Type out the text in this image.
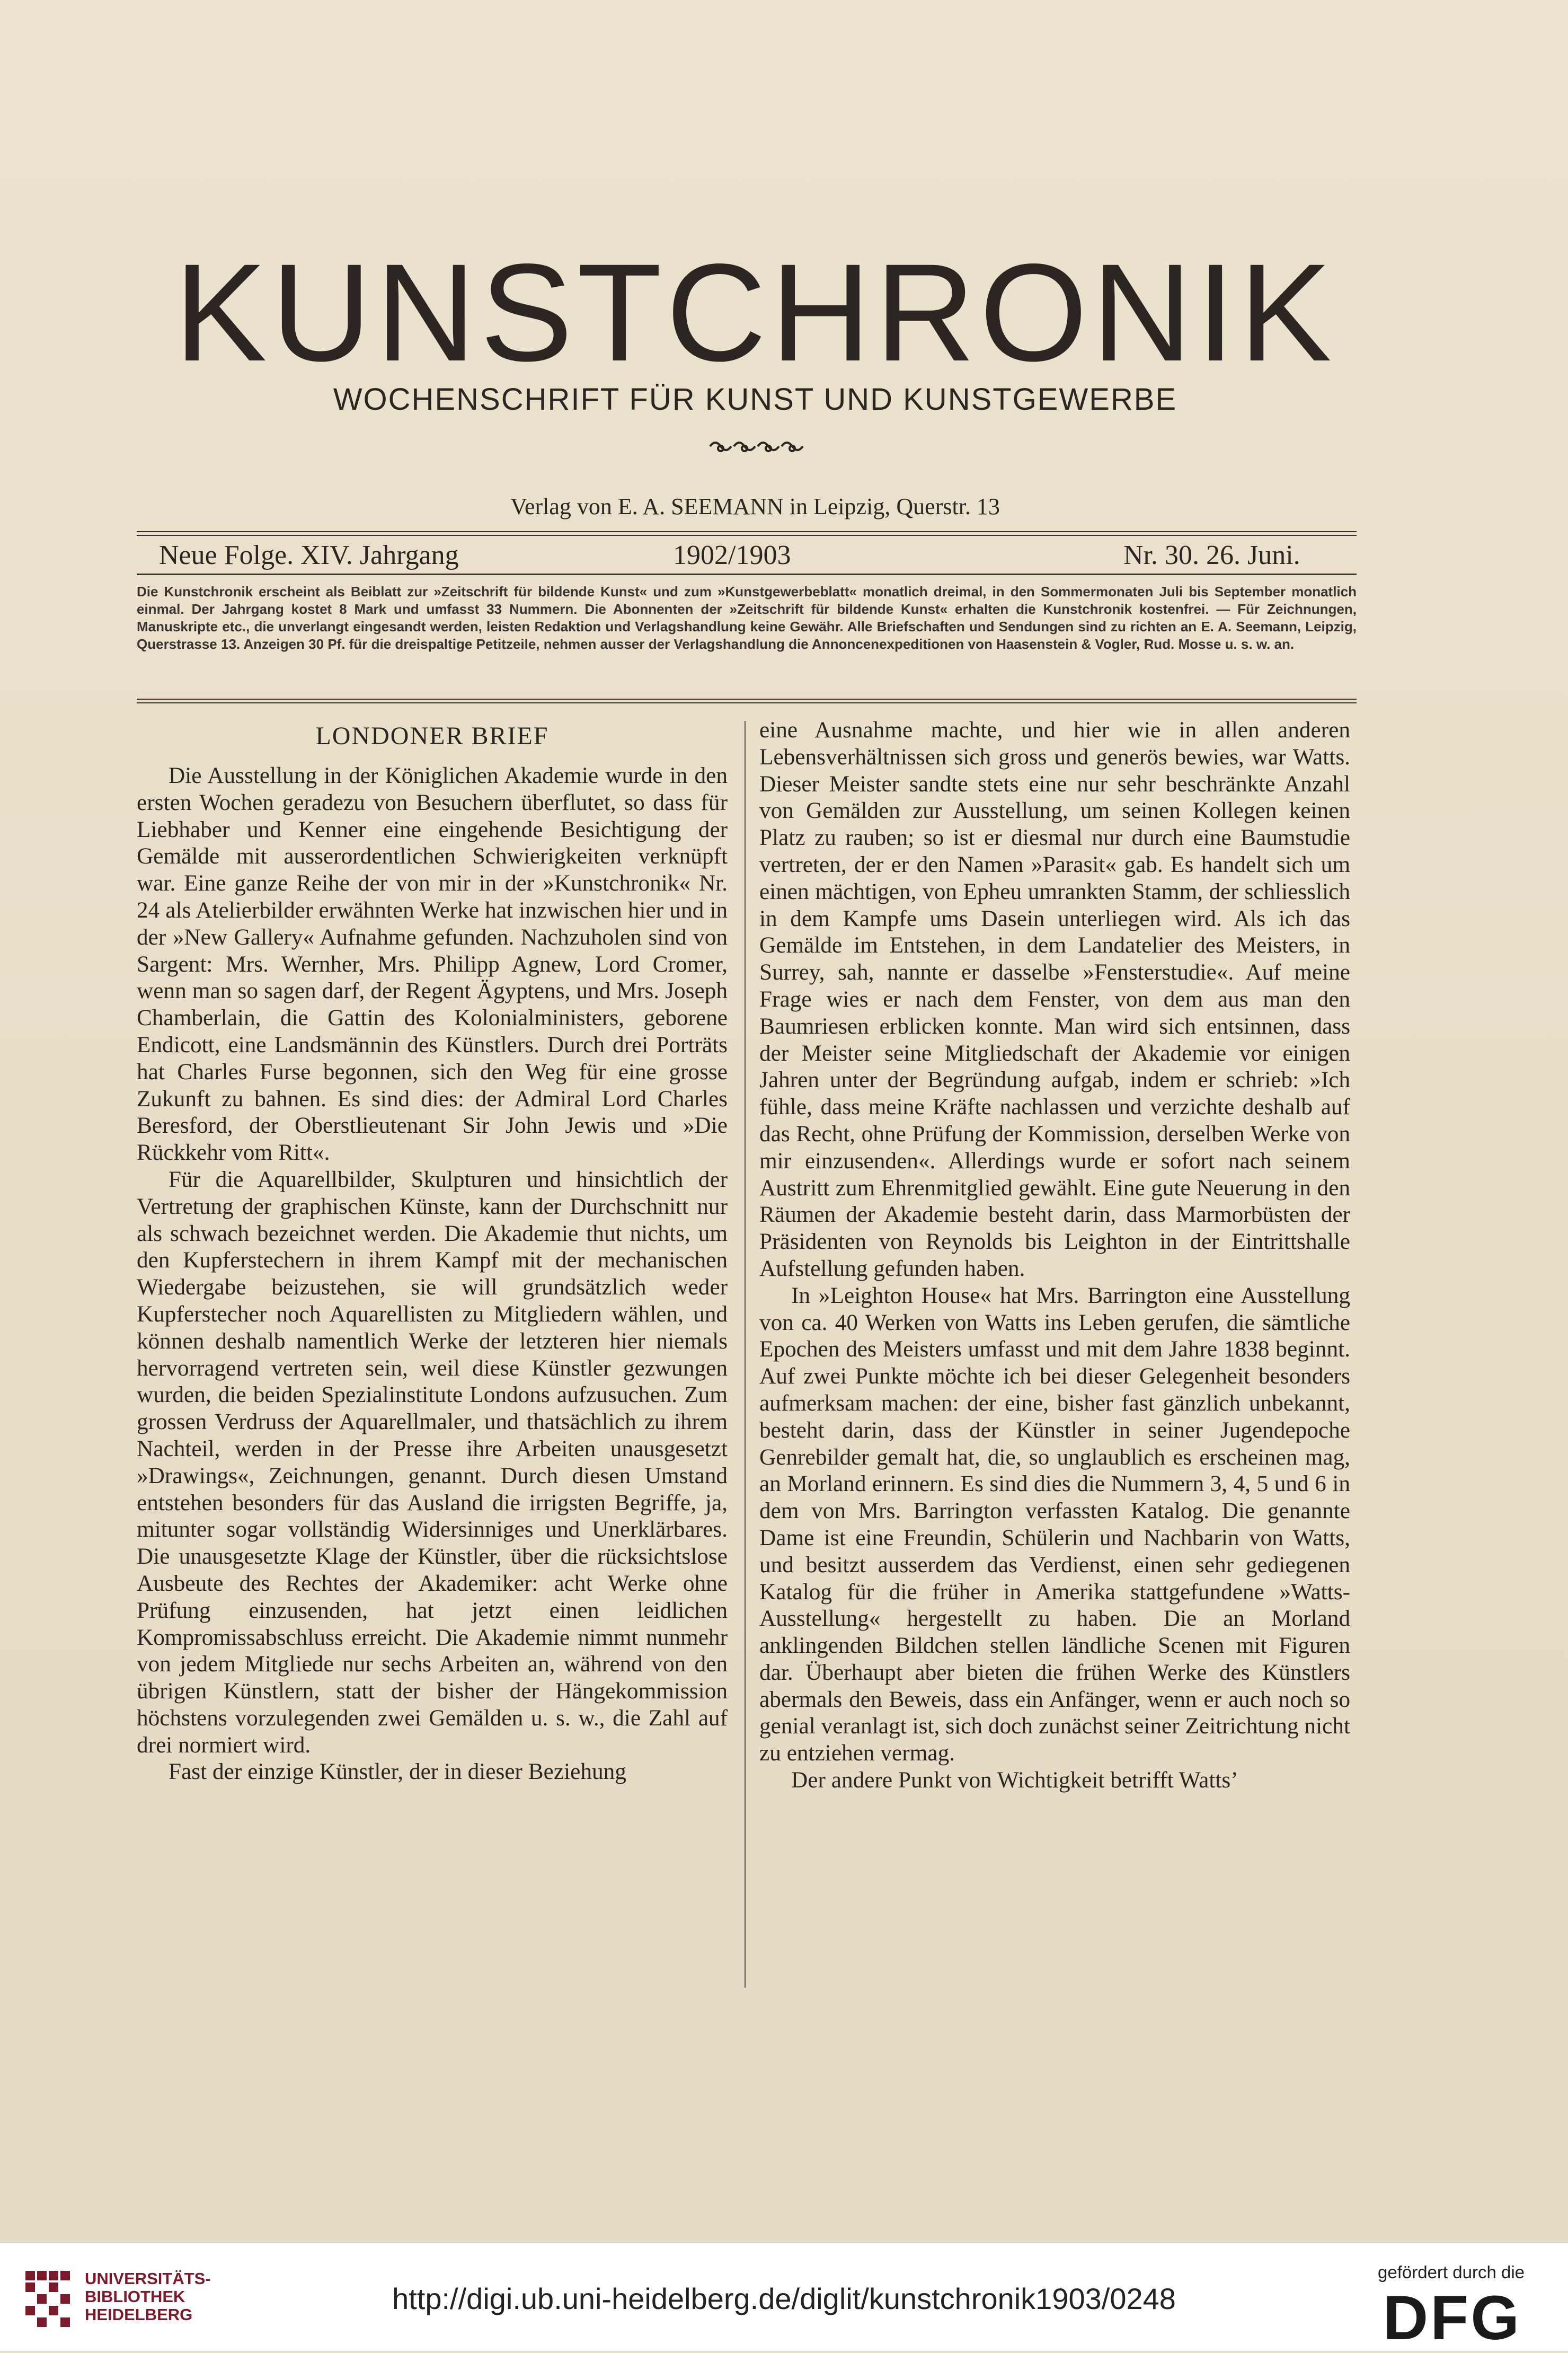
KUNSTCHRONIK
WOCHENSCHRIFT FÜR KUNST UND KUNSTGEWERBE
Verlag von E. A. SEEMANN in Leipzig, Querstr. 13
Neue Folge. XIV. Jahrgang	1902/1903	Nr. 30. 26. Juni.
Die Kunstchronik erscheint als Beiblatt zur »Zeitschrift für bildende Kunst« und zum »Kunstgewerbeblatt« monatlich dreimal, in den Sommermonaten Juli bis September monatlich einmal. Der Jahrgang kostet 8 Mark und umfasst 33 Nummern. Die Abonnenten der »Zeitschrift für bildende Kunst« erhalten die Kunstchronik kostenfrei. — Für Zeichnungen, Manuskripte etc., die unverlangt eingesandt werden, leisten Redaktion und Verlagshandlung keine Gewähr. Alle Briefschaften und Sendungen sind zu richten an E. A. Seemann, Leipzig, Querstrasse 13. Anzeigen 30 Pf. für die dreispaltige Petitzeile, nehmen ausser der Verlagshandlung die Annoncenexpeditionen von Haasenstein & Vogler, Rud. Mosse u. s. w. an.
LONDONER BRIEF

Die Ausstellung in der Königlichen Akademie wurde in den ersten Wochen geradezu von Besuchern überflutet, so dass für Liebhaber und Kenner eine eingehende Besichtigung der Gemälde mit ausserordentlichen Schwierigkeiten verknüpft war. Eine ganze Reihe der von mir in der »Kunstchronik« Nr. 24 als Atelierbilder erwähnten Werke hat inzwischen hier und in der »New Gallery« Aufnahme gefunden. Nachzuholen sind von Sargent: Mrs. Wernher, Mrs. Philipp Agnew, Lord Cromer, wenn man so sagen darf, der Regent Ägyptens, und Mrs. Joseph Chamberlain, die Gattin des Kolonialministers, geborene Endicott, eine Landsmännin des Künstlers. Durch drei Porträts hat Charles Furse begonnen, sich den Weg für eine grosse Zukunft zu bahnen. Es sind dies: der Admiral Lord Charles Beresford, der Oberstlieutenant Sir John Jewis und »Die Rückkehr vom Ritt«.

Für die Aquarellbilder, Skulpturen und hinsichtlich der Vertretung der graphischen Künste, kann der Durchschnitt nur als schwach bezeichnet werden. Die Akademie thut nichts, um den Kupferstechern in ihrem Kampf mit der mechanischen Wiedergabe beizustehen, sie will grundsätzlich weder Kupferstecher noch Aquarellisten zu Mitgliedern wählen, und können deshalb namentlich Werke der letzteren hier niemals hervorragend vertreten sein, weil diese Künstler gezwungen wurden, die beiden Spezialinstitute Londons aufzusuchen. Zum grossen Verdruss der Aquarellmaler, und thatsächlich zu ihrem Nachteil, werden in der Presse ihre Arbeiten unausgesetzt »Drawings«, Zeichnungen, genannt. Durch diesen Umstand entstehen besonders für das Ausland die irrigsten Begriffe, ja, mitunter sogar vollständig Widersinniges und Unerklärbares. Die unausgesetzte Klage der Künstler, über die rücksichtslose Ausbeute des Rechtes der Akademiker: acht Werke ohne Prüfung einzusenden, hat jetzt einen leidlichen Kompromissabschluss erreicht. Die Akademie nimmt nunmehr von jedem Mitgliede nur sechs Arbeiten an, während von den übrigen Künstlern, statt der bisher der Hängekommission höchstens vorzulegenden zwei Gemälden u. s. w., die Zahl auf drei normiert wird.

Fast der einzige Künstler, der in dieser Beziehung

eine Ausnahme machte, und hier wie in allen anderen Lebensverhältnissen sich gross und generös bewies, war Watts. Dieser Meister sandte stets eine nur sehr beschränkte Anzahl von Gemälden zur Ausstellung, um seinen Kollegen keinen Platz zu rauben; so ist er diesmal nur durch eine Baumstudie vertreten, der er den Namen »Parasit« gab. Es handelt sich um einen mächtigen, von Epheu umrankten Stamm, der schliesslich in dem Kampfe ums Dasein unterliegen wird. Als ich das Gemälde im Entstehen, in dem Landatelier des Meisters, in Surrey, sah, nannte er dasselbe »Fensterstudie«. Auf meine Frage wies er nach dem Fenster, von dem aus man den Baumriesen erblicken konnte. Man wird sich entsinnen, dass der Meister seine Mitgliedschaft der Akademie vor einigen Jahren unter der Begründung aufgab, indem er schrieb: »Ich fühle, dass meine Kräfte nachlassen und verzichte deshalb auf das Recht, ohne Prüfung der Kommission, derselben Werke von mir einzusenden«. Allerdings wurde er sofort nach seinem Austritt zum Ehrenmitglied gewählt. Eine gute Neuerung in den Räumen der Akademie besteht darin, dass Marmorbüsten der Präsidenten von Reynolds bis Leighton in der Eintrittshalle Aufstellung gefunden haben.

In »Leighton House« hat Mrs. Barrington eine Ausstellung von ca. 40 Werken von Watts ins Leben gerufen, die sämtliche Epochen des Meisters umfasst und mit dem Jahre 1838 beginnt. Auf zwei Punkte möchte ich bei dieser Gelegenheit besonders aufmerksam machen: der eine, bisher fast gänzlich unbekannt, besteht darin, dass der Künstler in seiner Jugendepoche Genrebilder gemalt hat, die, so unglaublich es erscheinen mag, an Morland erinnern. Es sind dies die Nummern 3, 4, 5 und 6 in dem von Mrs. Barrington verfassten Katalog. Die genannte Dame ist eine Freundin, Schülerin und Nachbarin von Watts, und besitzt ausserdem das Verdienst, einen sehr gediegenen Katalog für die früher in Amerika stattgefundene »Watts-Ausstellung« hergestellt zu haben. Die an Morland anklingenden Bildchen stellen ländliche Scenen mit Figuren dar. Überhaupt aber bieten die frühen Werke des Künstlers abermals den Beweis, dass ein Anfänger, wenn er auch noch so genial veranlagt ist, sich doch zunächst seiner Zeitrichtung nicht zu entziehen vermag.

Der andere Punkt von Wichtigkeit betrifft Watts’

UNIVERSITÄTS-
BIBLIOTHEK
HEIDELBERG	http://digi.ub.uni-heidelberg.de/diglit/kunstchronik1903/0248
gefördert durch die
DFG
